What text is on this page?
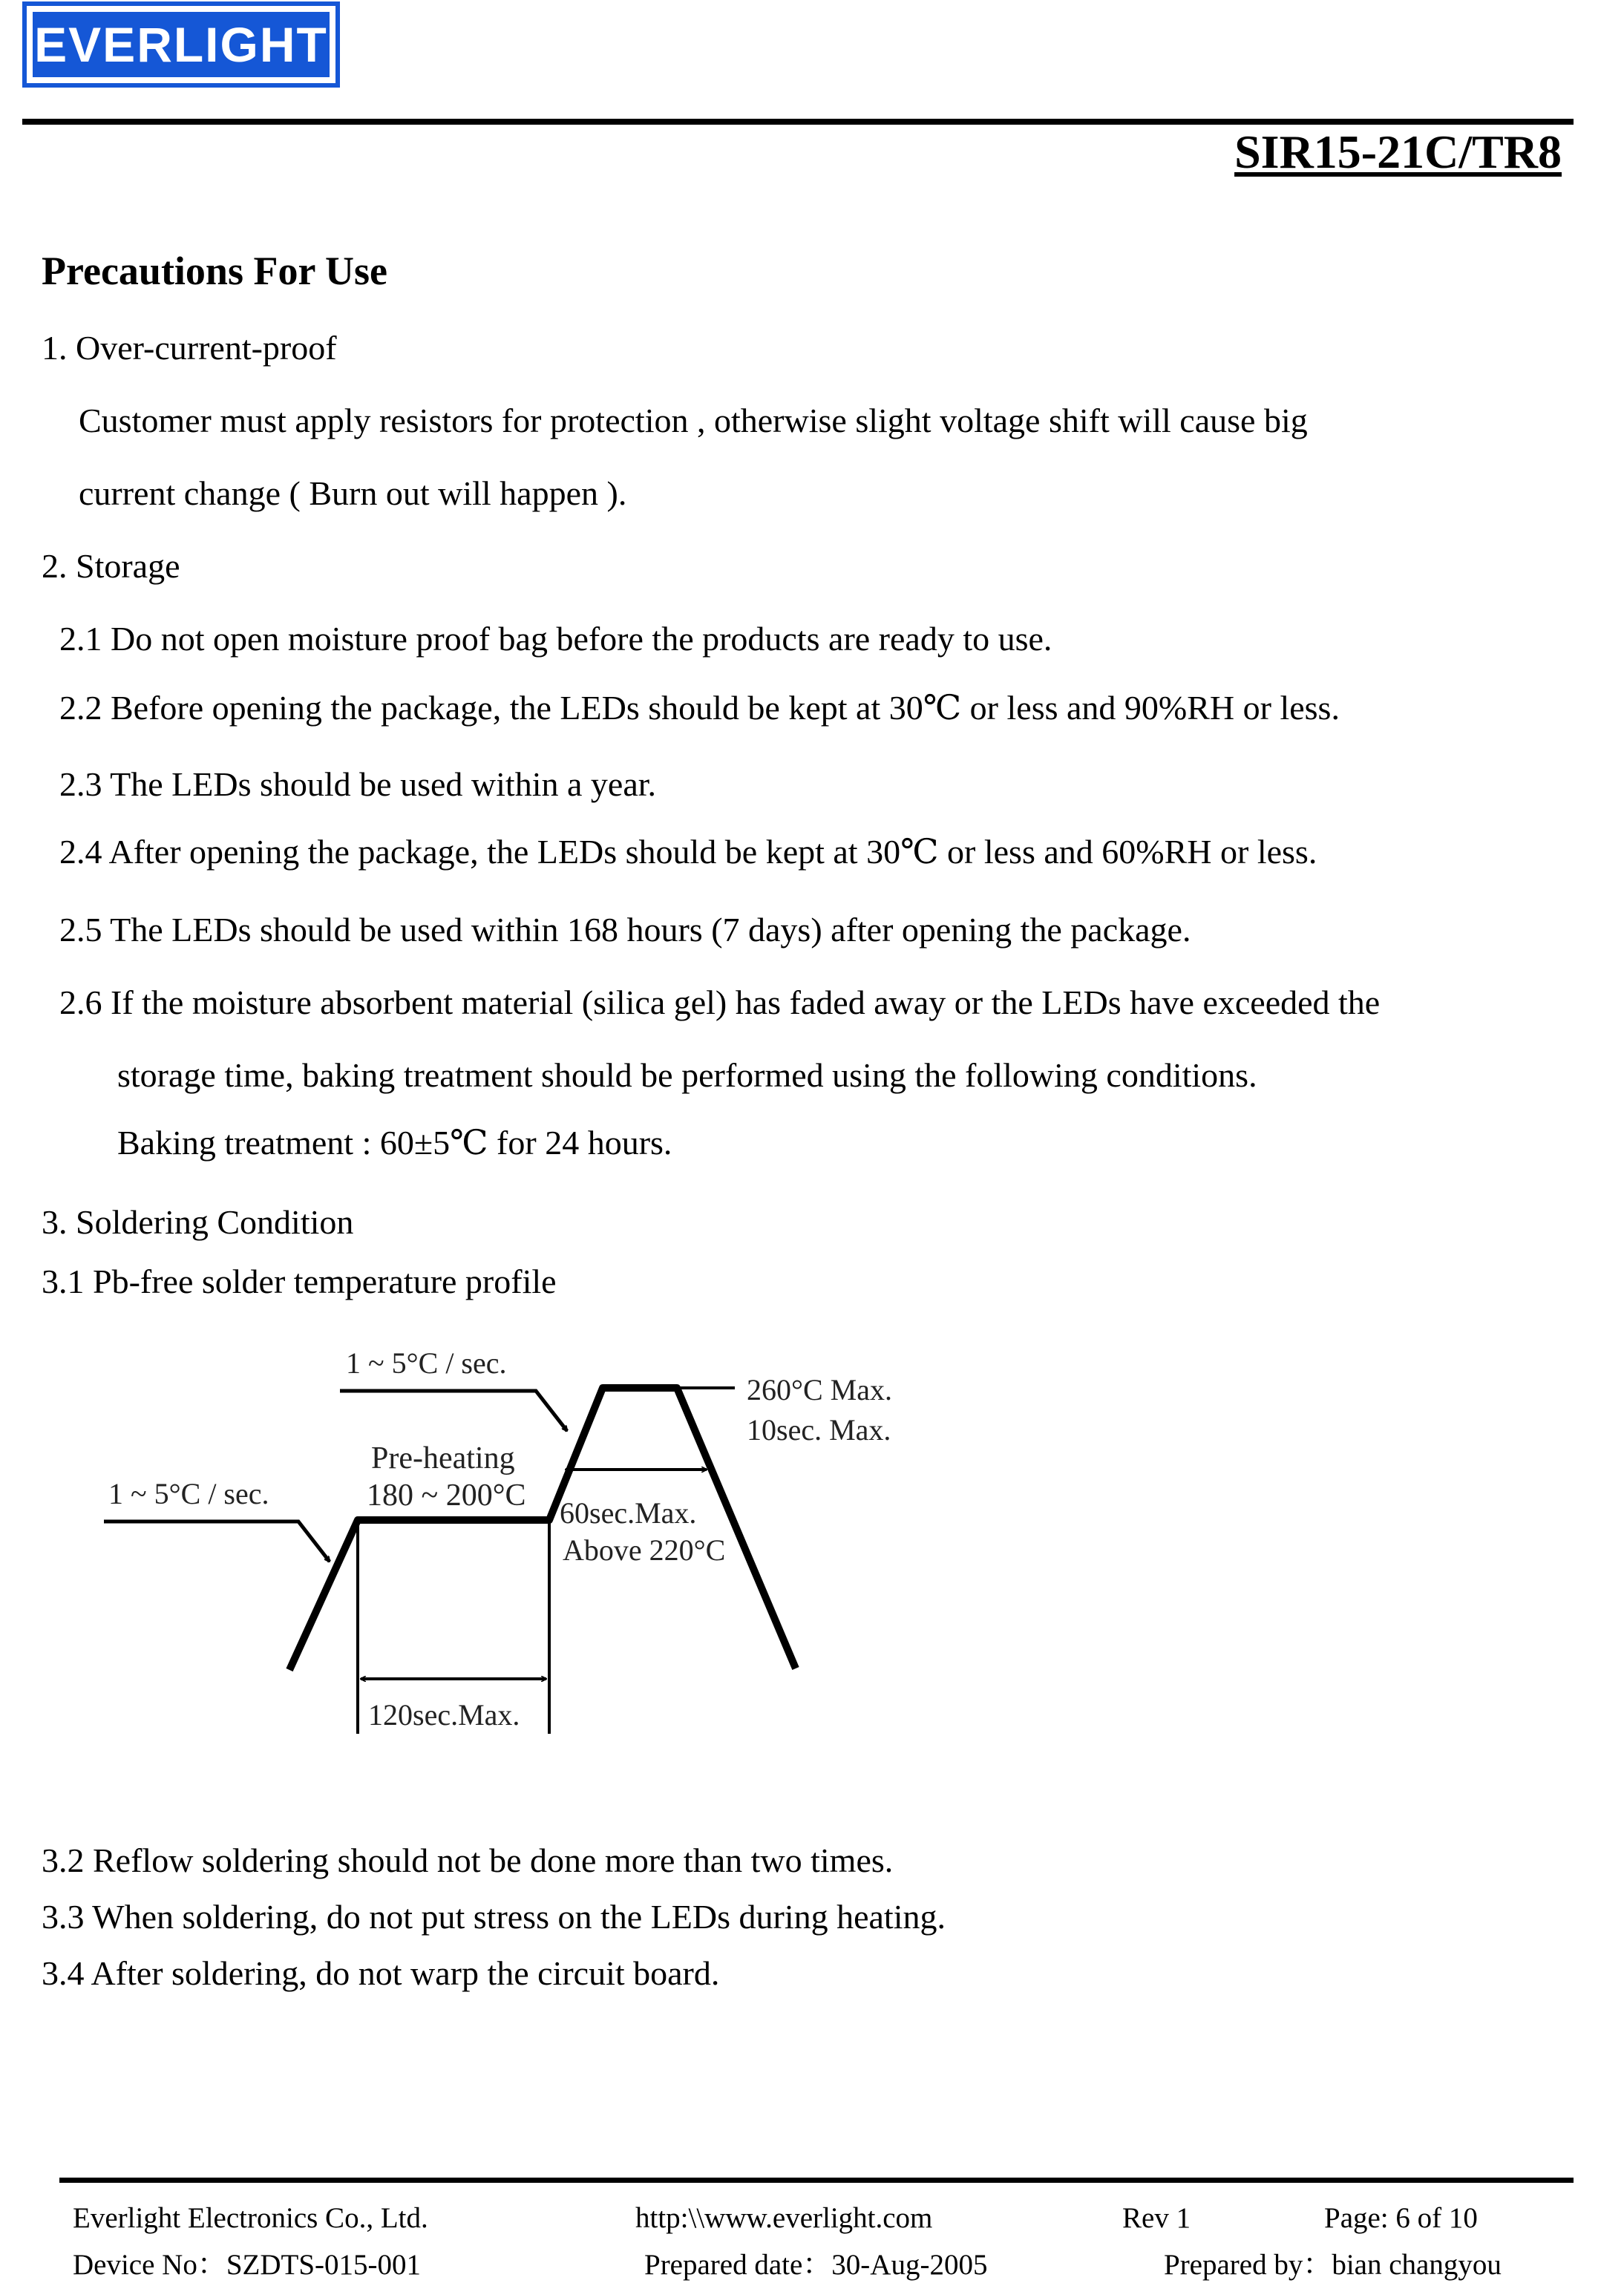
EVERLIGHT
SIR15-21C/TR8
Precautions For Use
1. Over-current-proof
Customer must apply resistors for protection , otherwise slight voltage shift will cause big
current change ( Burn out will happen ).
2. Storage
2.1 Do not open moisture proof bag before the products are ready to use.
2.2 Before opening the package, the LEDs should be kept at 30℃ or less and 90%RH or less.
2.3 The LEDs should be used within a year.
2.4 After opening the package, the LEDs should be kept at 30℃ or less and 60%RH or less.
2.5 The LEDs should be used within 168 hours (7 days) after opening the package.
2.6 If the moisture absorbent material (silica gel) has faded away or the LEDs have exceeded the
storage time, baking treatment should be performed using the following conditions.
Baking treatment : 60±5℃ for 24 hours.
3. Soldering Condition
3.1 Pb-free solder temperature profile
1 ~ 5°C / sec.
1 ~ 5°C / sec.
Pre-heating
180 ~ 200°C
260°C Max.
10sec. Max.
60sec.Max.
Above 220°C
120sec.Max.
3.2 Reflow soldering should not be done more than two times.
3.3 When soldering, do not put stress on the LEDs during heating.
3.4 After soldering, do not warp the circuit board.
Everlight Electronics Co., Ltd.	http:\\www.everlight.com	Rev 1	Page: 6 of 10
Device No：SZDTS-015-001	Prepared date：30-Aug-2005	Prepared by：bian changyou
